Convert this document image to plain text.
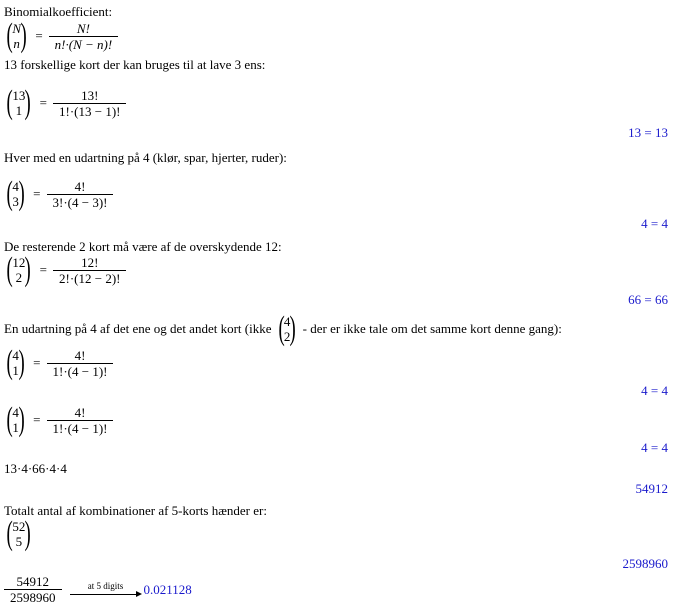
Binomialkoefficient:
( N
n ) = $\frac{N!}{n!\cdot(N - n)!}$
13 forskellige kort der kan bruges til at lave 3 ens:
( 13
1 ) = $\frac{13!}{1!\cdot(13 - 1)!}$
13 = 13
Hver med en udartning på 4 (klør, spar, hjerter, ruder):
( 4
3 ) = $\frac{4!}{3!\cdot(4 - 3)!}$
4 = 4
De resterende 2 kort må være af de overskydende 12:
( 12
2 ) = $\frac{12!}{2!\cdot(12 - 2)!}$
66 = 66
En udartning på 4 af det ene og det andet kort (ikke ( 4
2 ) - der er ikke tale om det samme kort denne gang):
( 4
1 ) = $\frac{4!}{1!\cdot(4 - 1)!}$
4 = 4
( 4
1 ) = $\frac{4!}{1!\cdot(4 - 1)!}$
4 = 4
13·4·66·4·4
54912
Totalt antal af kombinationer af 5-korts hænder er:
( 52
5 )
2598960
$\frac{54912}{2598960}$	at 5 digits 0.021128
